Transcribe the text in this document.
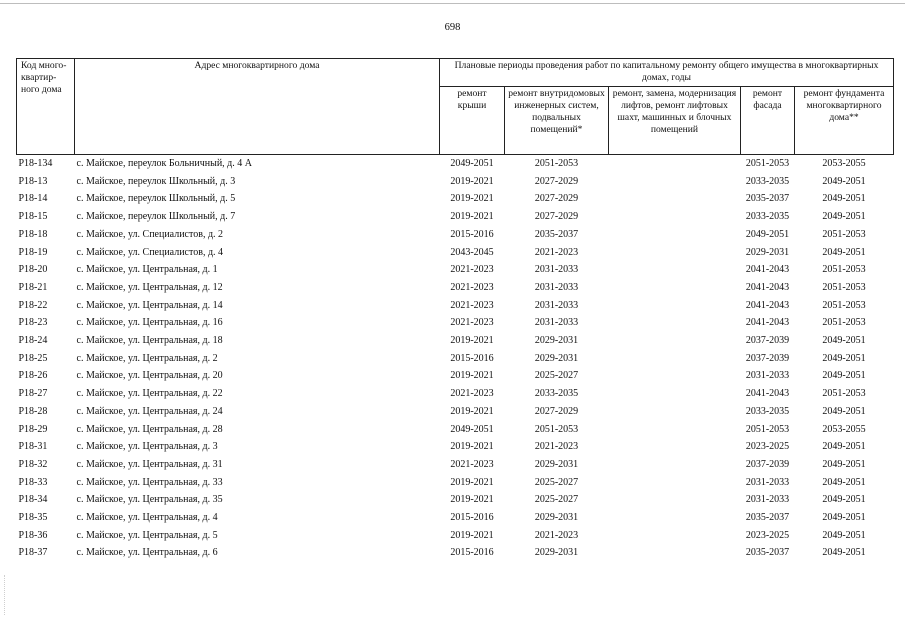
698
Код много-квартир-ного дома	Адрес многоквартирного дома	Плановые периоды проведения работ по капитальному ремонту общего имущества в многоквартирных домах, годы				
		ремонт крыши	ремонт внутридомовых инженерных систем, подвальных помещений*	ремонт, замена, модернизация лифтов, ремонт лифтовых шахт, машинных и блочных помещений	ремонт фасада	ремонт фундамента многоквартирного дома**
Р18-134	с. Майское, переулок Больничный, д. 4 А	2049-2051	2051-2053		2051-2053	2053-2055
Р18-13	с. Майское, переулок Школьный, д. 3	2019-2021	2027-2029		2033-2035	2049-2051
Р18-14	с. Майское, переулок Школьный, д. 5	2019-2021	2027-2029		2035-2037	2049-2051
Р18-15	с. Майское, переулок Школьный, д. 7	2019-2021	2027-2029		2033-2035	2049-2051
Р18-18	с. Майское, ул. Специалистов, д. 2	2015-2016	2035-2037		2049-2051	2051-2053
Р18-19	с. Майское, ул. Специалистов, д. 4	2043-2045	2021-2023		2029-2031	2049-2051
Р18-20	с. Майское, ул. Центральная, д. 1	2021-2023	2031-2033		2041-2043	2051-2053
Р18-21	с. Майское, ул. Центральная, д. 12	2021-2023	2031-2033		2041-2043	2051-2053
Р18-22	с. Майское, ул. Центральная, д. 14	2021-2023	2031-2033		2041-2043	2051-2053
Р18-23	с. Майское, ул. Центральная, д. 16	2021-2023	2031-2033		2041-2043	2051-2053
Р18-24	с. Майское, ул. Центральная, д. 18	2019-2021	2029-2031		2037-2039	2049-2051
Р18-25	с. Майское, ул. Центральная, д. 2	2015-2016	2029-2031		2037-2039	2049-2051
Р18-26	с. Майское, ул. Центральная, д. 20	2019-2021	2025-2027		2031-2033	2049-2051
Р18-27	с. Майское, ул. Центральная, д. 22	2021-2023	2033-2035		2041-2043	2051-2053
Р18-28	с. Майское, ул. Центральная, д. 24	2019-2021	2027-2029		2033-2035	2049-2051
Р18-29	с. Майское, ул. Центральная, д. 28	2049-2051	2051-2053		2051-2053	2053-2055
Р18-31	с. Майское, ул. Центральная, д. 3	2019-2021	2021-2023		2023-2025	2049-2051
Р18-32	с. Майское, ул. Центральная, д. 31	2021-2023	2029-2031		2037-2039	2049-2051
Р18-33	с. Майское, ул. Центральная, д. 33	2019-2021	2025-2027		2031-2033	2049-2051
Р18-34	с. Майское, ул. Центральная, д. 35	2019-2021	2025-2027		2031-2033	2049-2051
Р18-35	с. Майское, ул. Центральная, д. 4	2015-2016	2029-2031		2035-2037	2049-2051
Р18-36	с. Майское, ул. Центральная, д. 5	2019-2021	2021-2023		2023-2025	2049-2051
Р18-37	с. Майское, ул. Центральная, д. 6	2015-2016	2029-2031		2035-2037	2049-2051
